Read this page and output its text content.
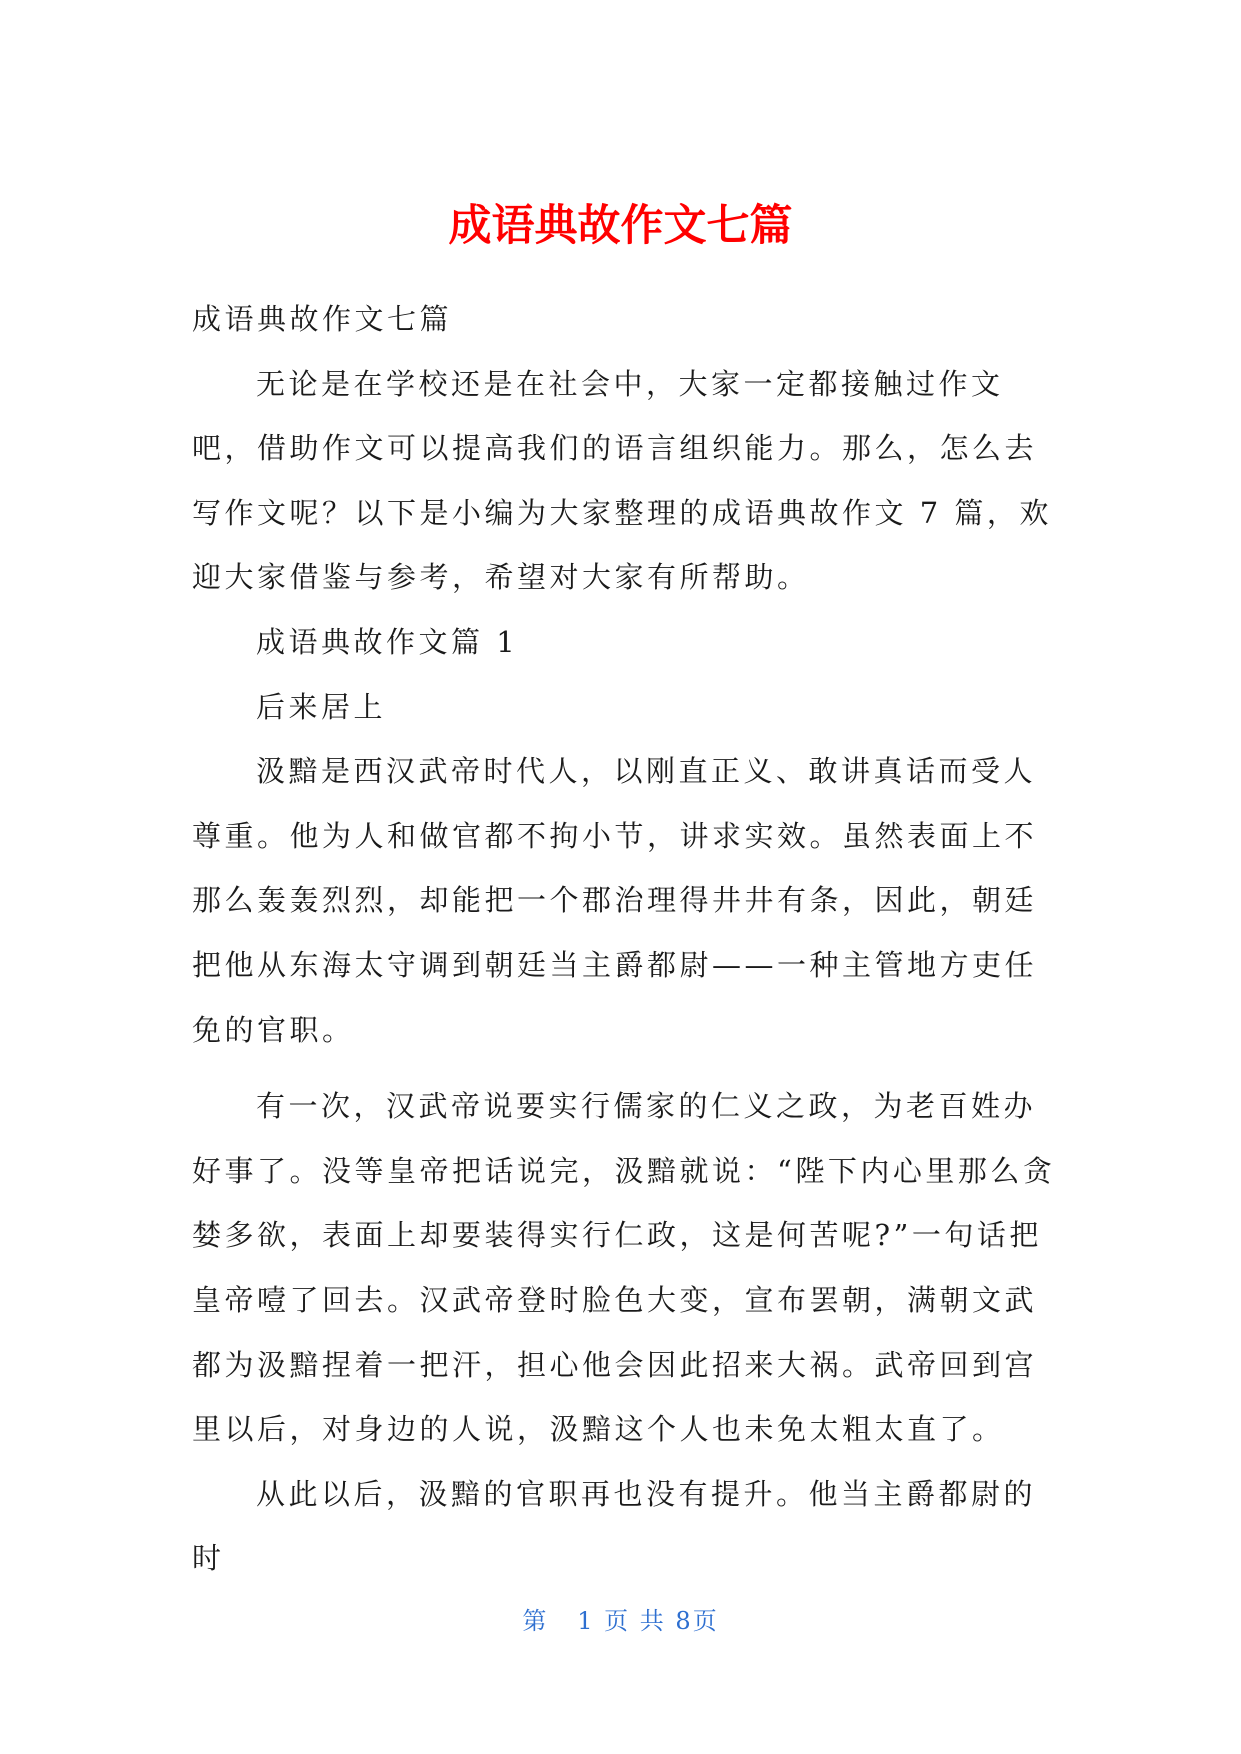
成语典故作文七篇

成语典故作文七篇

无论是在学校还是在社会中，大家一定都接触过作文吧，借助作文可以提高我们的语言组织能力。那么，怎么去写作文呢？以下是小编为大家整理的成语典故作文 7 篇，欢迎大家借鉴与参考，希望对大家有所帮助。

成语典故作文篇 1

后来居上

汲黯是西汉武帝时代人，以刚直正义、敢讲真话而受人尊重。他为人和做官都不拘小节，讲求实效。虽然表面上不那么轰轰烈烈，却能把一个郡治理得井井有条，因此，朝廷把他从东海太守调到朝廷当主爵都尉——一种主管地方吏任免的官职。

有一次，汉武帝说要实行儒家的仁义之政，为老百姓办好事了。没等皇帝把话说完，汲黯就说：“陛下内心里那么贪婪多欲，表面上却要装得实行仁政，这是何苦呢?”一句话把皇帝噎了回去。汉武帝登时脸色大变，宣布罢朝，满朝文武都为汲黯捏着一把汗，担心他会因此招来大祸。武帝回到宫里以后，对身边的人说，汲黯这个人也未免太粗太直了。

从此以后，汲黯的官职再也没有提升。他当主爵都尉的时

第 1 页 共 8页
